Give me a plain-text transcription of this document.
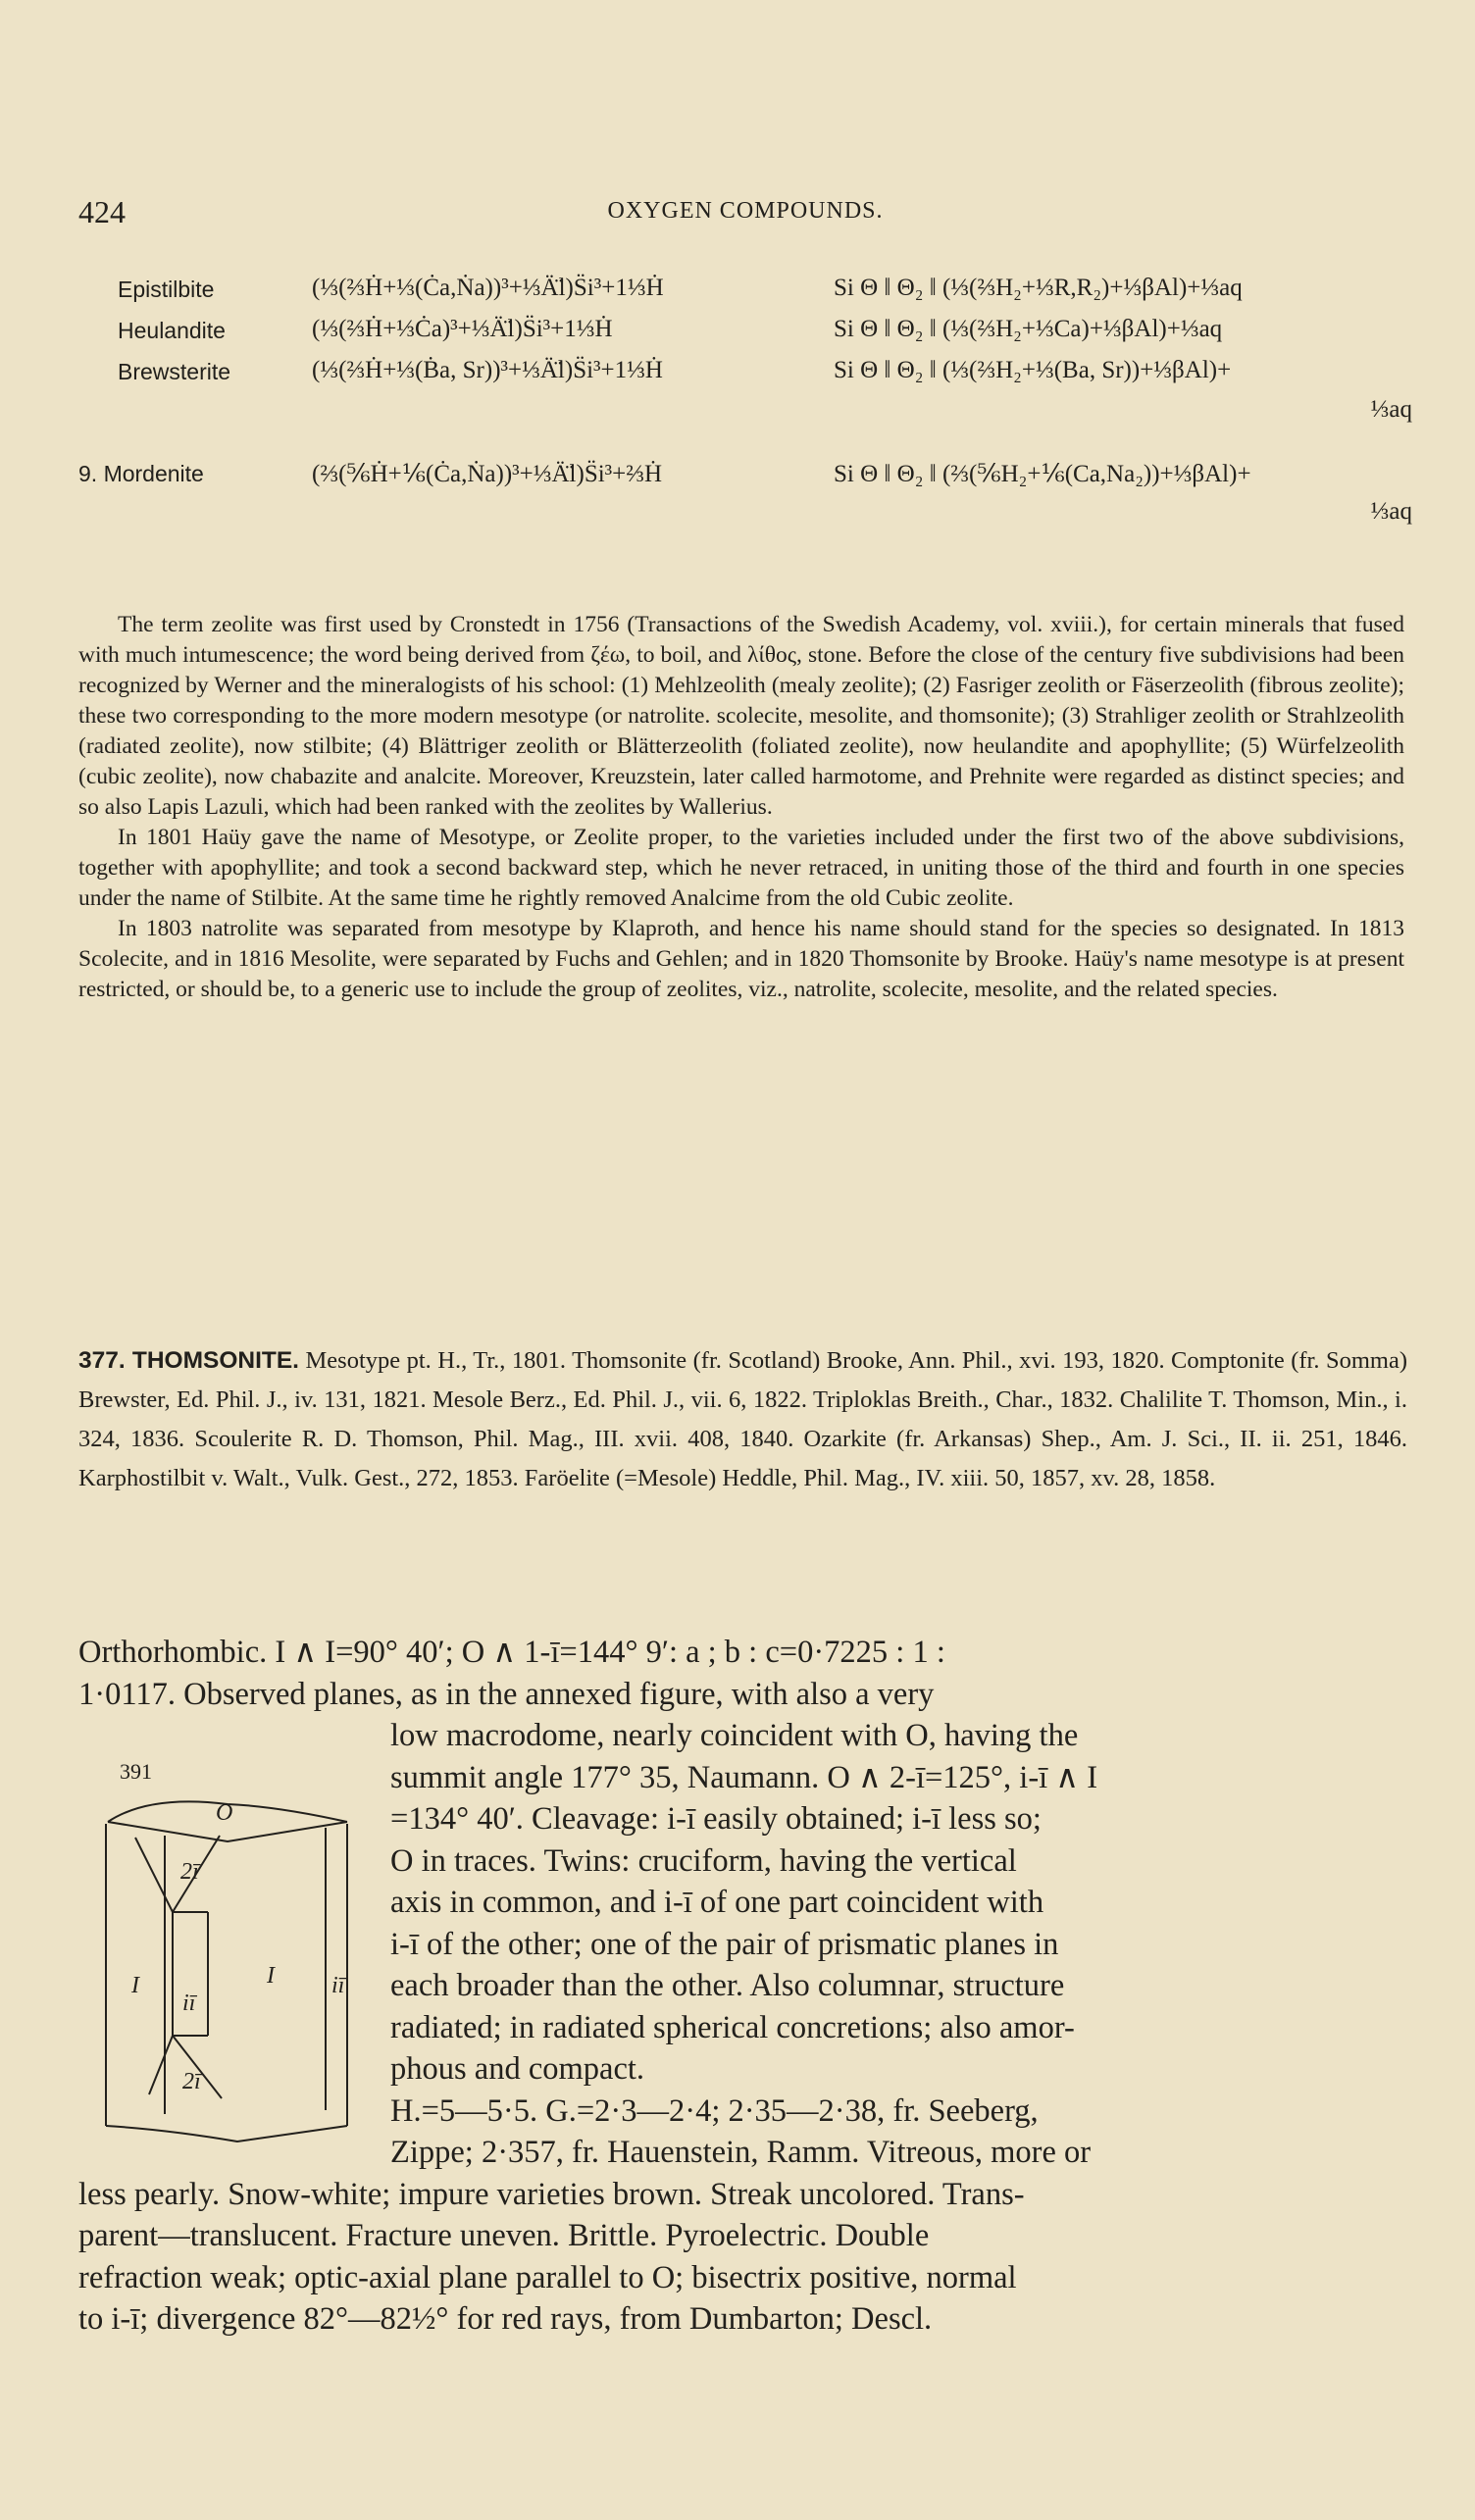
424	OXYGEN COMPOUNDS.
Epistilbite	(⅓(⅔Ḣ+⅓(Ċa,Ṅa))³+⅓Ä̈l)S̈i³+1⅓Ḣ	Si Θ ‖ Θ₂ ‖ (⅓(⅔H₂+⅓R,R₂)+⅓βAl)+⅓aq
Heulandite	(⅓(⅔Ḣ+⅓Ċa)³+⅓Ä̈l)S̈i³+1⅓Ḣ	Si Θ ‖ Θ₂ ‖ (⅓(⅔H₂+⅓Ca)+⅓βAl)+⅓aq
Brewsterite	(⅓(⅔Ḣ+⅓(Ḃa, Sr))³+⅓Ä̈l)S̈i³+1⅓Ḣ	Si Θ ‖ Θ₂ ‖ (⅓(⅔H₂+⅓(Ba, Sr))+⅓βAl)+
⅓aq
9. Mordenite	(⅔(⅚Ḣ+⅙(Ċa,Ṅa))³+⅓Ä̈l)S̈i³+⅔Ḣ	Si Θ ‖ Θ₂ ‖ (⅔(⅚H₂+⅙(Ca,Na₂))+⅓βAl)+
⅓aq

The term zeolite was first used by Cronstedt in 1756 (Transactions of the Swedish Academy, vol. xviii.), for certain minerals that fused with much intumescence; the word being derived from ζέω, to boil, and λίθος, stone. Before the close of the century five subdivisions had been recognized by Werner and the mineralogists of his school: (1) Mehlzeolith (mealy zeolite); (2) Fasriger zeolith or Fäserzeolith (fibrous zeolite); these two corresponding to the more modern mesotype (or natrolite. scolecite, mesolite, and thomsonite); (3) Strahliger zeolith or Strahlzeolith (radiated zeolite), now stilbite; (4) Blättriger zeolith or Blätterzeolith (foliated zeolite), now heulandite and apophyllite; (5) Würfelzeolith (cubic zeolite), now chabazite and analcite. Moreover, Kreuzstein, later called harmotome, and Prehnite were regarded as distinct species; and so also Lapis Lazuli, which had been ranked with the zeolites by Wallerius.

In 1801 Haüy gave the name of Mesotype, or Zeolite proper, to the varieties included under the first two of the above subdivisions, together with apophyllite; and took a second backward step, which he never retraced, in uniting those of the third and fourth in one species under the name of Stilbite. At the same time he rightly removed Analcime from the old Cubic zeolite.

In 1803 natrolite was separated from mesotype by Klaproth, and hence his name should stand for the species so designated. In 1813 Scolecite, and in 1816 Mesolite, were separated by Fuchs and Gehlen; and in 1820 Thomsonite by Brooke. Haüy's name mesotype is at present restricted, or should be, to a generic use to include the group of zeolites, viz., natrolite, scolecite, mesolite, and the related species.

377. THOMSONITE. Mesotype pt. H., Tr., 1801. Thomsonite (fr. Scotland) Brooke, Ann. Phil., xvi. 193, 1820. Comptonite (fr. Somma) Brewster, Ed. Phil. J., iv. 131, 1821. Mesole Berz., Ed. Phil. J., vii. 6, 1822. Triploklas Breith., Char., 1832. Chalilite T. Thomson, Min., i. 324, 1836. Scoulerite R. D. Thomson, Phil. Mag., III. xvii. 408, 1840. Ozarkite (fr. Arkansas) Shep., Am. J. Sci., II. ii. 251, 1846. Karphostilbit v. Walt., Vulk. Gest., 272, 1853. Faröelite (=Mesole) Heddle, Phil. Mag., IV. xiii. 50, 1857, xv. 28, 1858.

391
O
2ī
I
iī
I iī
2ī
Orthorhombic. I ∧ I=90° 40′; O ∧ 1-ī=144° 9′: a ; b : c=0·7225 : 1 :
1·0117. Observed planes, as in the annexed figure, with also a very
low macrodome, nearly coincident with O, having the
summit angle 177° 35, Naumann. O ∧ 2-ī=125°, i-ī ∧ I
=134° 40′. Cleavage: i-ī easily obtained; i-ī less so;
O in traces. Twins: cruciform, having the vertical
axis in common, and i-ī of one part coincident with
i-ī of the other; one of the pair of prismatic planes in
each broader than the other. Also columnar, structure
radiated; in radiated spherical concretions; also amor-
phous and compact.
H.=5—5·5. G.=2·3—2·4; 2·35—2·38, fr. Seeberg,
Zippe; 2·357, fr. Hauenstein, Ramm. Vitreous, more or
less pearly. Snow-white; impure varieties brown. Streak uncolored. Trans-
parent—translucent. Fracture uneven. Brittle. Pyroelectric. Double
refraction weak; optic-axial plane parallel to O; bisectrix positive, normal
to i-ī; divergence 82°—82½° for red rays, from Dumbarton; Descl.
